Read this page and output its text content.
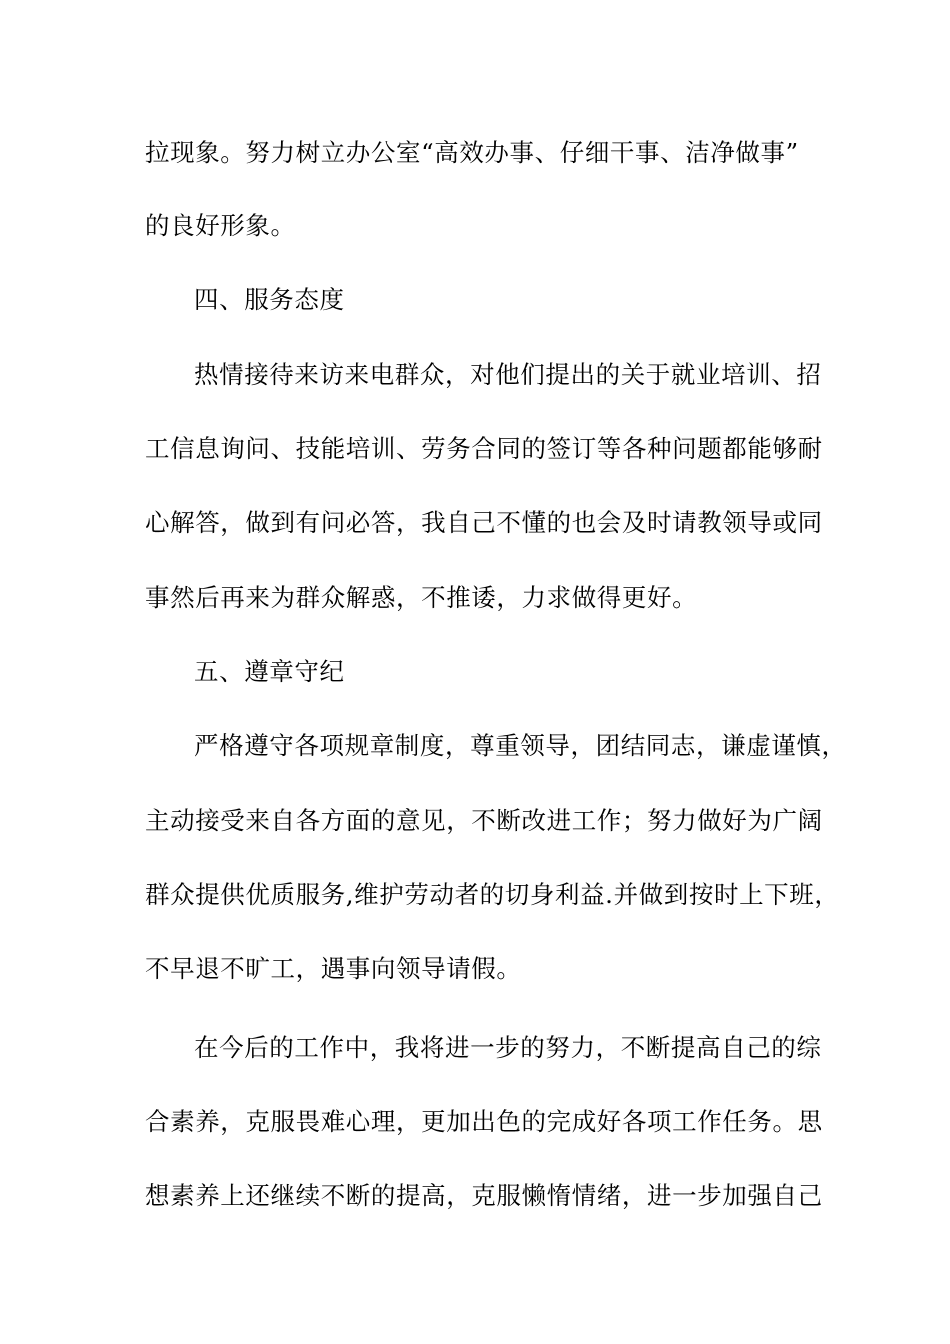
拉现象。努力树立办公室“高效办事、仔细干事、洁净做事”
的良好形象。
四、服务态度
热情接待来访来电群众，对他们提出的关于就业培训、招
工信息询问、技能培训、劳务合同的签订等各种问题都能够耐
心解答，做到有问必答，我自己不懂的也会及时请教领导或同
事然后再来为群众解惑，不推诿，力求做得更好。
五、遵章守纪
严格遵守各项规章制度，尊重领导，团结同志，谦虚谨慎，
主动接受来自各方面的意见，不断改进工作；努力做好为广阔
群众提供优质服务,维护劳动者的切身利益.并做到按时上下班，
不早退不旷工，遇事向领导请假。
在今后的工作中，我将进一步的努力，不断提高自己的综
合素养，克服畏难心理，更加出色的完成好各项工作任务。思
想素养上还继续不断的提高，克服懒惰情绪，进一步加强自己
